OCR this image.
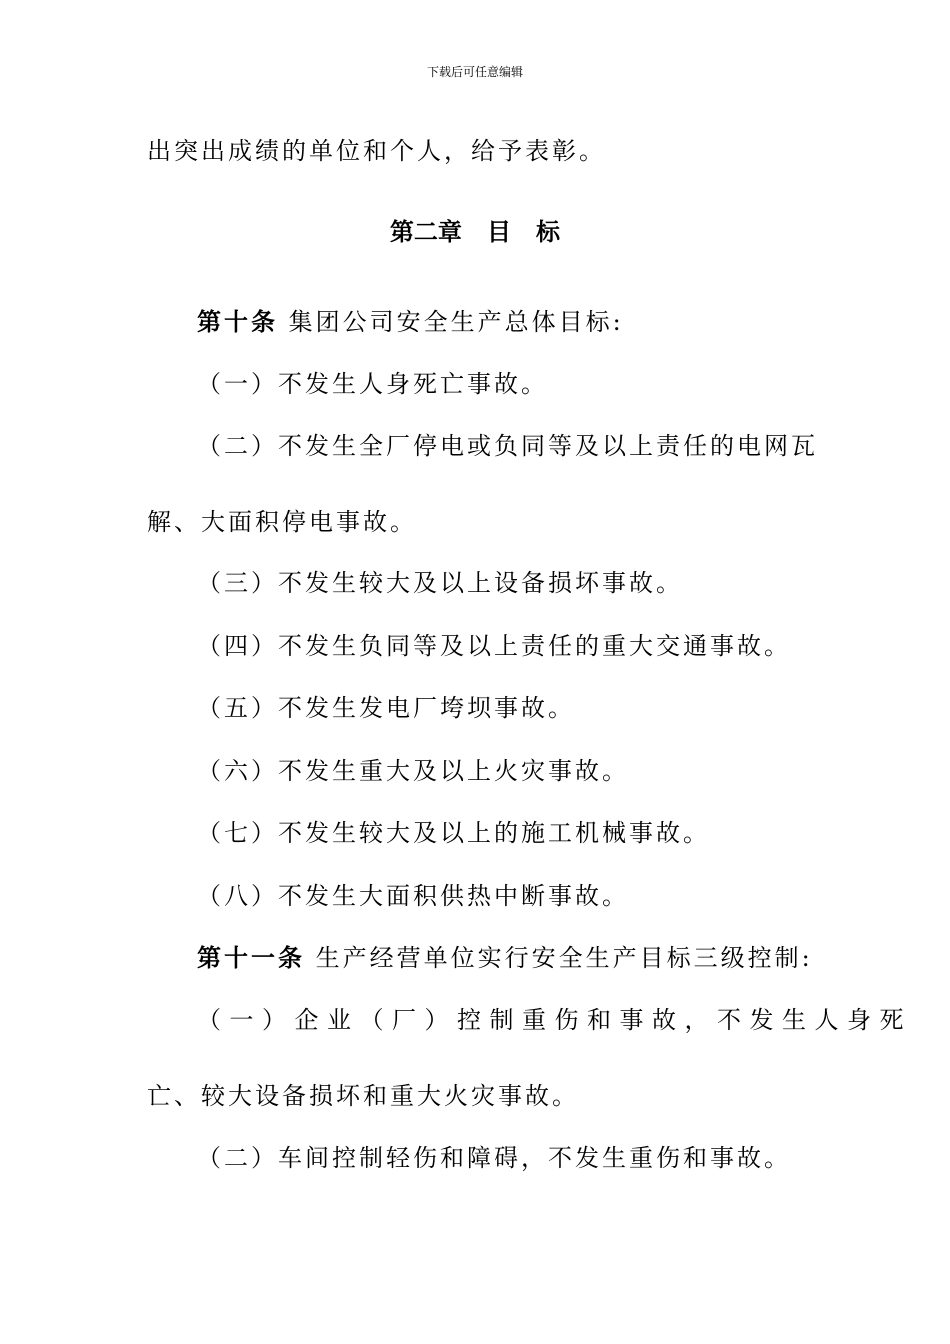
下载后可任意编辑
出突出成绩的单位和个人，给予表彰。
第二章   目   标
第十条 集团公司安全生产总体目标:
（一）不发生人身死亡事故。
（二）不发生全厂停电或负同等及以上责任的电网瓦
解、大面积停电事故。
（三）不发生较大及以上设备损坏事故。
（四）不发生负同等及以上责任的重大交通事故。
（五）不发生发电厂垮坝事故。
（六）不发生重大及以上火灾事故。
（七）不发生较大及以上的施工机械事故。
（八）不发生大面积供热中断事故。
第十一条 生产经营单位实行安全生产目标三级控制:
（一）企业（厂）控制重伤和事故，不发生人身死
亡、较大设备损坏和重大火灾事故。
（二）车间控制轻伤和障碍，不发生重伤和事故。
